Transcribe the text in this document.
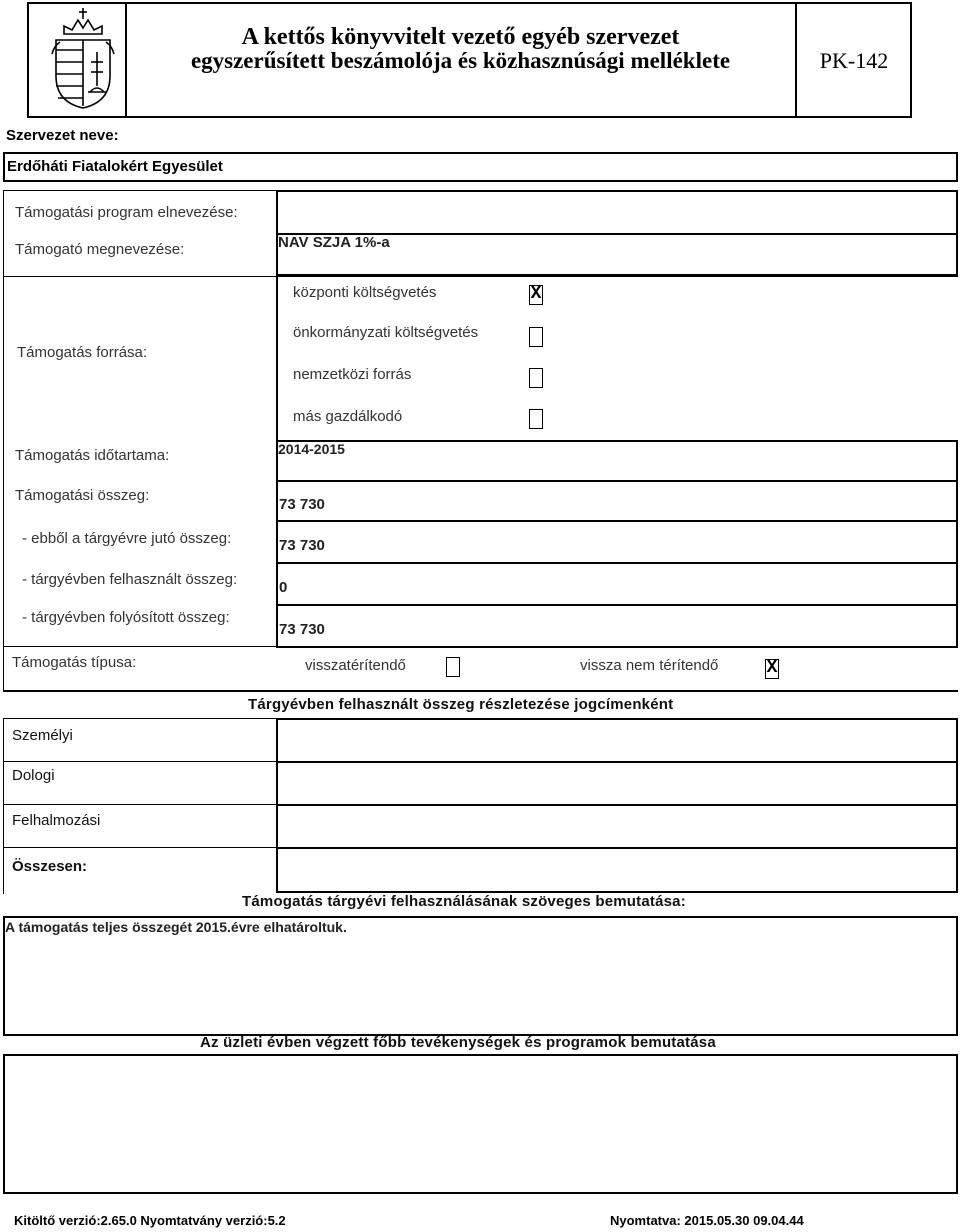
A kettős könyvvitelt vezető egyéb szervezet
egyszerűsített beszámolója és közhasznúsági melléklete	PK-142
Szervezet neve:
Erdőháti Fiatalokért Egyesület
Támogatási program elnevezése:
Támogató megnevezése:	NAV SZJA 1%-a
Támogatás forrása:
központi költségvetés	X
önkormányzati költségvetés
nemzetközi forrás
más gazdálkodó
Támogatás időtartama:	2014-2015
Támogatási összeg:
73 730
- ebből a tárgyévre jutó összeg:	73 730
- tárgyévben felhasznált összeg:	0
- tárgyévben folyósított összeg:
73 730
Támogatás típusa:	visszatérítendő	vissza nem térítendő	X
Tárgyévben felhasznált összeg részletezése jogcímenként
Személyi
Dologi
Felhalmozási
Összesen:
Támogatás tárgyévi felhasználásának szöveges bemutatása:
A támogatás teljes összegét 2015.évre elhatároltuk.
Az üzleti évben végzett főbb tevékenységek és programok bemutatása
Kitöltő verzió:2.65.0 Nyomtatvány verzió:5.2	Nyomtatva: 2015.05.30 09.04.44
